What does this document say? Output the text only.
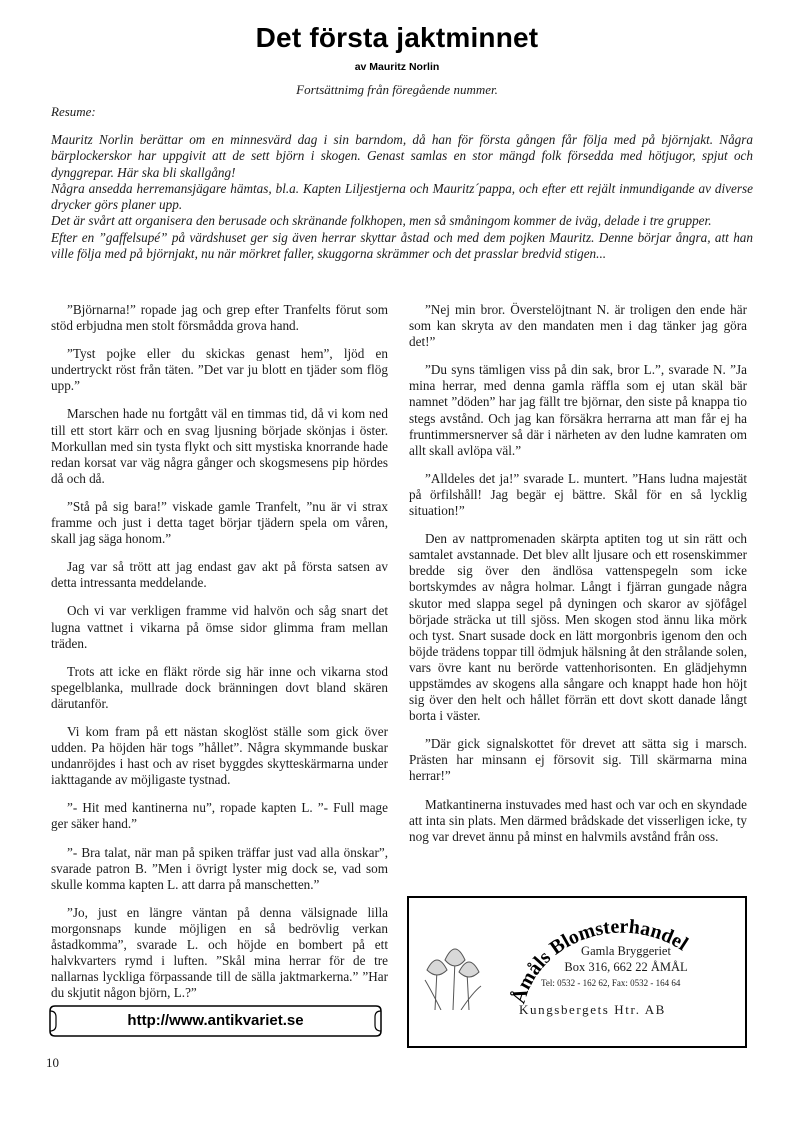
Det första jaktminnet
av Mauritz Norlin
Fortsättnimg från föregående nummer.
Resume:

Mauritz Norlin berättar om en minnesvärd dag i sin barndom, då han för första gången får följa med på björnjakt. Några bärplockerskor har uppgivit att de sett björn i skogen. Genast samlas en stor mängd folk försedda med hötjugor, spjut och dynggrepar. Här ska bli skallgång!

Några ansedda herremansjägare hämtas, bl.a. Kapten Liljestjerna och Mauritz´pappa, och efter ett rejält inmundigande av diverse drycker görs planer upp.

Det är svårt att organisera den berusade och skränande folkhopen, men så småningom kommer de iväg, delade i tre grupper.

Efter en ”gaffelsupé” på värdshuset ger sig även herrar skyttar åstad och med dem pojken Mauritz. Denne börjar ångra, att han ville följa med på björnjakt, nu när mörkret faller, skuggorna skrämmer och det prasslar bredvid stigen...

”Björnarna!” ropade jag och grep efter Tranfelts förut som stöd erbjudna men stolt försmådda grova hand.

”Tyst pojke eller du skickas genast hem”, ljöd en undertryckt röst från täten. ”Det var ju blott en tjäder som flög upp.”

Marschen hade nu fortgått väl en timmas tid, då vi kom ned till ett stort kärr och en svag ljusning började skönjas i öster. Morkullan med sin tysta flykt och sitt mystiska knorrande hade redan korsat var väg några gånger och skogsmesens pip hördes då och då.

”Stå på sig bara!” viskade gamle Tranfelt, ”nu är vi strax framme och just i detta taget börjar tjädern spela om våren, skall jag säga honom.”

Jag var så trött att jag endast gav akt på första satsen av detta intressanta meddelande.

Och vi var verkligen framme vid halvön och såg snart det lugna vattnet i vikarna på ömse sidor glimma fram mellan träden.

Trots att icke en fläkt rörde sig här inne och vikarna stod spegelblanka, mullrade dock bränningen dovt bland skären därutanför.

Vi kom fram på ett nästan skoglöst ställe som gick över udden. Pa höjden här togs ”hållet”. Några skymmande buskar undanröjdes i hast och av riset byggdes skytteskärmarna under iakttagande av möjligaste tystnad.

”- Hit med kantinerna nu”, ropade kapten L. ”- Full mage ger säker hand.”

”- Bra talat, när man på spiken träffar just vad alla önskar”, svarade patron B. ”Men i övrigt lyster mig dock se, vad som skulle komma kapten L. att darra på manschetten.”

”Jo, just en längre väntan på denna välsignade lilla morgonsnaps kunde möjligen en så bedrövlig verkan åstadkomma”, svarade L. och höjde en bombert på ett halvkvarters rymd i luften. ”Skål mina herrar för de tre nallarnas lyckliga förpassande till de sälla jaktmarkerna.” ”Har du skjutit någon björn, L.?”

”Nej min bror. Överstelöjtnant N. är troligen den ende här som kan skryta av den mandaten men i dag tänker jag göra det!”

”Du syns tämligen viss på din sak, bror L.”, svarade N. ”Ja mina herrar, med denna gamla räffla som ej utan skäl bär namnet ”döden” har jag fällt tre björnar, den siste på knappa tio stegs avstånd. Och jag kan försäkra herrarna att man får ej ha fruntimmersnerver så där i närheten av den ludne kamraten om allt skall avlöpa väl.”

”Alldeles det ja!” svarade L. muntert. ”Hans ludna majestät på örfilshåll! Jag begär ej bättre. Skål för en så lycklig situation!”

Den av nattpromenaden skärpta aptiten tog ut sin rätt och samtalet avstannade. Det blev allt ljusare och ett rosenskimmer bredde sig över den ändlösa vattenspegeln som icke bortskymdes av några holmar. Långt i fjärran gungade några skutor med slappa segel på dyningen och skaror av sjöfågel började sträcka ut till sjöss. Men skogen stod ännu lika mörk och tyst. Snart susade dock en lätt morgonbris igenom den och böjde trädens toppar till ödmjuk hälsning åt den strålande solen, vars övre kant nu berörde vattenhorisonten. En glädjehymn uppstämdes av skogens alla sångare och knappt hade hon höjt sig över den helt och hållet förrän ett dovt skott danade långt borta i väster.

”Där gick signalskottet för drevet att sätta sig i marsch. Prästen har minsann ej försovit sig. Till skärmarna mina herrar!”

Matkantinerna instuvades med hast och var och en skyndade att inta sin plats. Men därmed brådskade det visserligen icke, ty nog var drevet ännu på minst en halvmils avstånd från oss.

http://www.antikvariet.se
Åmåls Blomsterhandel
Gamla Bryggeriet
Box 316, 662 22 ÅMÅL
Tel: 0532 - 162 62, Fax: 0532 - 164 64
Kungsbergets Htr. AB
10
